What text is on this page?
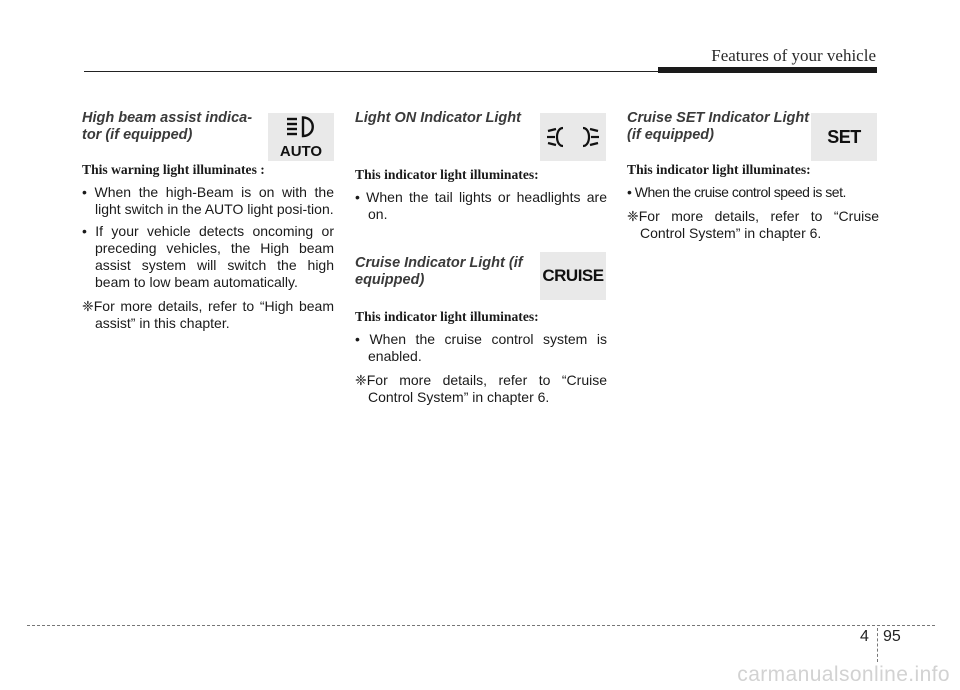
Features of your vehicle

High beam assist indica-tor (if equipped)

This warning light illuminates :

• When the high-Beam is on with the light switch in the AUTO light posi-tion.

• If your vehicle detects oncoming or preceding vehicles, the High beam assist system will switch the high beam to low beam automatically.

❈For more details, refer to “High beam assist” in this chapter.

AUTO

Light ON Indicator Light

This indicator light illuminates:

• When the tail lights or headlights are on.

Cruise Indicator Light (if equipped)

This indicator light illuminates:

• When the cruise control system is enabled.

❈For more details, refer to “Cruise Control System” in chapter 6.

CRUISE

Cruise SET Indicator Light (if equipped)

This indicator light illuminates:

• When the cruise control speed is set.

❈For more details, refer to “Cruise Control System” in chapter 6.

SET
4 95
carmanualsonline.info
